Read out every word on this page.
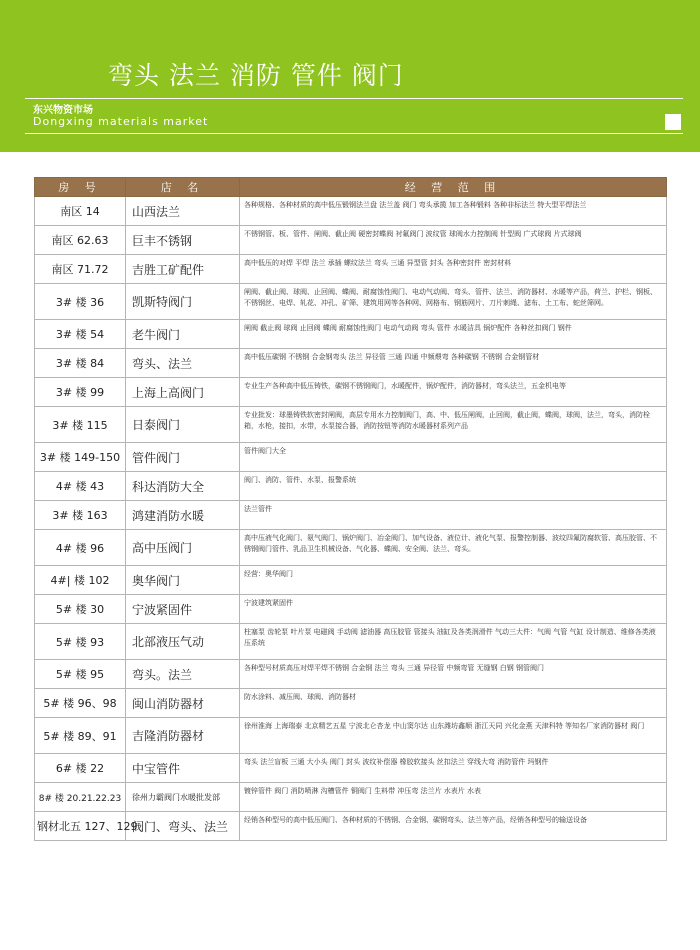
弯头 法兰 消防 管件 阀门
东兴物资市场
Dongxing materials market
房 号	店 名	经 营 范 围
南区 14	山西法兰	各种规格、各种材质的高中低压锻钢法兰盘 法兰盖 阀门 弯头承揽 加工各种锻料 各种非标法兰 特大型平焊法兰
南区 62.63	巨丰不锈钢	不锈钢管、板、管件、闸阀、截止阀 硬密封蝶阀 衬氟阀门 波纹管 球阀水力控制阀 针型阀 广式球阀 片式球阀
南区 71.72	吉胜工矿配件	高中低压的对焊 平焊 法兰 承插 螺纹法兰 弯头 三通 异型管 封头 各种密封件 密封材料
3# 楼 36	凯斯特阀门	闸阀、截止阀、球阀、止回阀、蝶阀、耐腐蚀性阀门、电动气动阀、弯头、管件、法兰、消防器材、水暖等产品，荷兰、护栏、钢板、不锈钢丝、电焊、轧花、冲孔、矿筛、建筑用网等各种网、网格布、钢筋网片、刀片刺绳、滤布、土工布、蛇丝筛网。
3# 楼 54	老牛阀门	闸阀 截止阀 球阀 止回阀 蝶阀 耐腐蚀性阀门 电动气动阀 弯头 管件 水暖洁具 锅炉配件 各种丝扣阀门 钢件
3# 楼 84	弯头、法兰	高中低压碳钢 不锈钢 合金钢弯头 法兰 异径管 三通 四通 中频煨弯 各种碳钢 不锈钢 合金钢管材
3# 楼 99	上海上高阀门	专业生产各种高中低压铸铁，碳钢不锈钢阀门，水暖配件，锅炉配件，消防器材，弯头法兰，五金机电等
3# 楼 115	日泰阀门	专业批发：球墨铸铁软密封闸阀，高层专用水力控制阀门，高、中、低压闸阀，止回阀，截止阀，蝶阀，球阀，法兰，弯头，消防栓箱，水枪，接扣，水带，水泵接合器，消防按钮等消防水暖器材系列产品
3# 楼 149-150	管件阀门	管件阀门大全
4# 楼 43	科达消防大全	阀门、消防、管件、水泵、报警系统
3# 楼 163	鸿建消防水暖	法兰管件
4# 楼 96	高中压阀门	高中压液气化阀门、氨气阀门、锅炉阀门、冶金阀门、加气设备、液位计、液化气泵、报警控制器、波纹四氟防腐软管、高压胶管、不锈钢阀门管件、乳品卫生机械设备、气化器、蝶阀、安全阀、法兰、弯头。
4#| 楼 102	奥华阀门	经营：奥华阀门
5# 楼 30	宁波紧固件	宁波建筑紧固件
5# 楼 93	北部液压气动	柱塞泵 齿轮泵 叶片泵 电磁阀 手动阀 滤油器 高压胶管 管接头 油缸及各类润滑件 气动三大件：气阀 气管 气缸 设计制造、维修各类液压系统
5# 楼 95	弯头。法兰	各种型号材质高压对焊平焊不锈钢 合金钢 法兰 弯头 三通 异径管 中频弯管 无缝钢 白钢 钢管阀门
5# 楼 96、98	闽山消防器材	防水涂料、减压阀、球阀、消防器材
5# 楼 89、91	吉隆消防器材	徐州淮海 上海瑞泰 北京精艺五星 宁波北仑杏龙 中山窦尔达 山东潍坊鑫顺 浙江天同 兴化金燕 天津科特 等知名厂家消防器材 阀门
6# 楼 22	中宝管件	弯头 法兰盲板 三通 大小头 阀门 封头 波纹补偿器 橡胶软接头 丝扣法兰 穿线大弯 消防管件 玛钢件
8# 楼 20.21.22.23	徐州力霸阀门水暖批发部	镀锌管件 阀门 消防喷淋 沟槽管件 铜阀门 生料带 冲压弯 法兰片 水表片 水表
钢材北五 127、129	阀门、弯头、法兰	经销各种型号的高中低压阀门、各种材质的不锈钢、合金钢、碳钢弯头、法兰等产品，经销各种型号的输送设备
